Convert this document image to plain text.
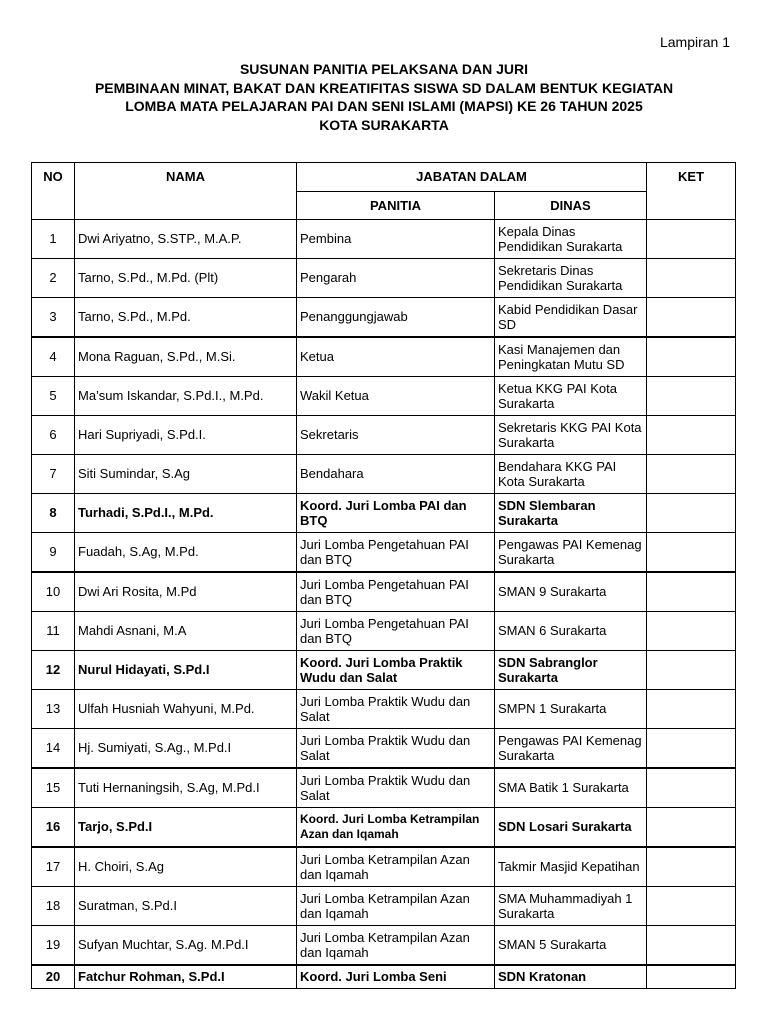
Lampiran 1
SUSUNAN PANITIA PELAKSANA DAN JURI
PEMBINAAN MINAT, BAKAT DAN KREATIFITAS SISWA SD DALAM BENTUK KEGIATAN
LOMBA MATA PELAJARAN PAI DAN SENI ISLAMI (MAPSI) KE 26 TAHUN 2025
KOTA SURAKARTA
NO	NAMA	JABATAN DALAM		KET
		PANITIA	DINAS	
1	Dwi Ariyatno, S.STP., M.A.P.	Pembina	Kepala Dinas Pendidikan Surakarta	
2	Tarno, S.Pd., M.Pd. (Plt)	Pengarah	Sekretaris Dinas Pendidikan Surakarta	
3	Tarno, S.Pd., M.Pd.	Penanggungjawab	Kabid Pendidikan Dasar SD	
4	Mona Raguan, S.Pd., M.Si.	Ketua	Kasi Manajemen dan Peningkatan Mutu SD	
5	Ma’sum Iskandar, S.Pd.I., M.Pd.	Wakil Ketua	Ketua KKG PAI Kota Surakarta	
6	Hari Supriyadi, S.Pd.I.	Sekretaris	Sekretaris KKG PAI Kota Surakarta	
7	Siti Sumindar, S.Ag	Bendahara	Bendahara KKG PAI Kota Surakarta	
8	Turhadi, S.Pd.I., M.Pd.	Koord. Juri Lomba PAI dan BTQ	SDN Slembaran Surakarta	
9	Fuadah, S.Ag, M.Pd.	Juri Lomba Pengetahuan PAI dan BTQ	Pengawas PAI Kemenag Surakarta	
10	Dwi Ari Rosita, M.Pd	Juri Lomba Pengetahuan PAI dan BTQ	SMAN 9 Surakarta	
11	Mahdi Asnani, M.A	Juri Lomba Pengetahuan PAI dan BTQ	SMAN 6 Surakarta	
12	Nurul Hidayati, S.Pd.I	Koord. Juri Lomba Praktik Wudu dan Salat	SDN Sabranglor Surakarta	
13	Ulfah Husniah Wahyuni, M.Pd.	Juri Lomba Praktik Wudu dan Salat	SMPN 1 Surakarta	
14	Hj. Sumiyati, S.Ag., M.Pd.I	Juri Lomba Praktik Wudu dan Salat	Pengawas PAI Kemenag Surakarta	
15	Tuti Hernaningsih, S.Ag, M.Pd.I	Juri Lomba Praktik Wudu dan Salat	SMA Batik 1 Surakarta	
16	Tarjo, S.Pd.I	Koord. Juri Lomba Ketrampilan Azan dan Iqamah	SDN Losari Surakarta	
17	H. Choiri, S.Ag	Juri Lomba Ketrampilan Azan dan Iqamah	Takmir Masjid Kepatihan	
18	Suratman, S.Pd.I	Juri Lomba Ketrampilan Azan dan Iqamah	SMA Muhammadiyah 1 Surakarta	
19	Sufyan Muchtar, S.Ag. M.Pd.I	Juri Lomba Ketrampilan Azan dan Iqamah	SMAN 5 Surakarta	
20	Fatchur Rohman, S.Pd.I	Koord. Juri Lomba Seni	SDN Kratonan	
